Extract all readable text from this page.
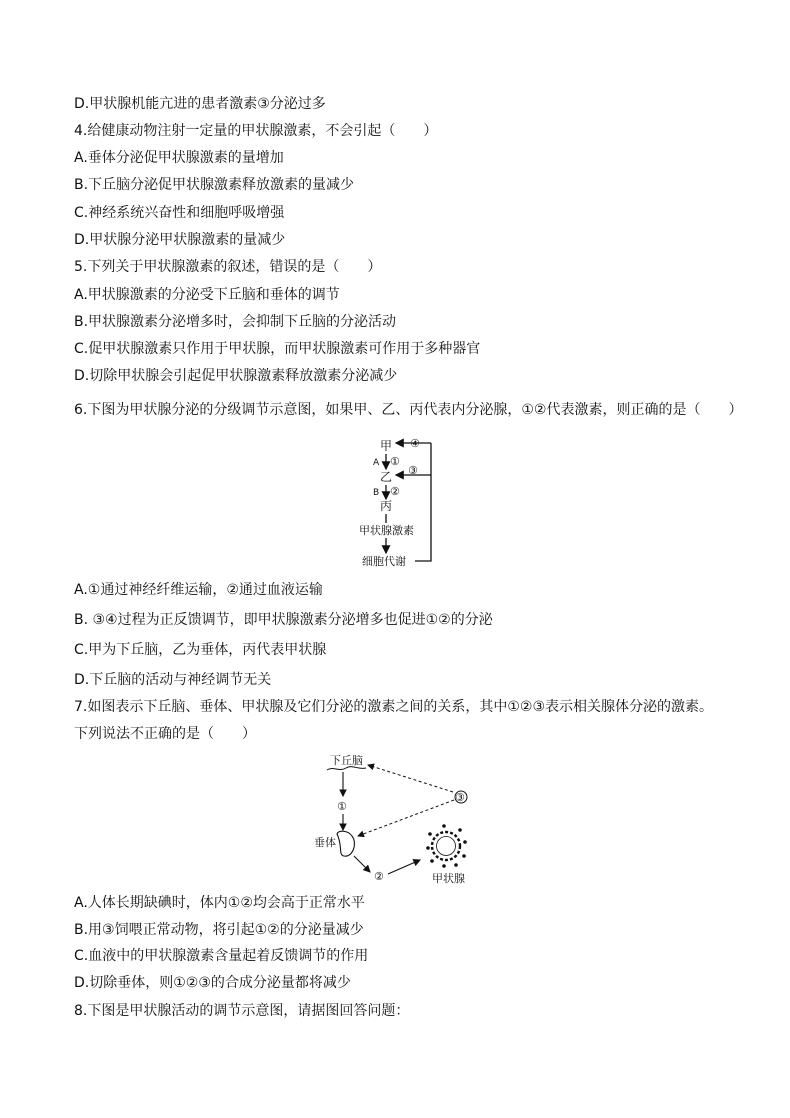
D.甲状腺机能亢进的患者激素③分泌过多
4.给健康动物注射一定量的甲状腺激素，不会引起（　　）
A.垂体分泌促甲状腺激素的量增加
B.下丘脑分泌促甲状腺激素释放激素的量减少
C.神经系统兴奋性和细胞呼吸增强
D.甲状腺分泌甲状腺激素的量减少
5.下列关于甲状腺激素的叙述，错误的是（　　）
A.甲状腺激素的分泌受下丘脑和垂体的调节
B.甲状腺激素分泌增多时，会抑制下丘脑的分泌活动
C.促甲状腺激素只作用于甲状腺，而甲状腺激素可作用于多种器官
D.切除甲状腺会引起促甲状腺激素释放激素分泌减少
6.下图为甲状腺分泌的分级调节示意图，如果甲、乙、丙代表内分泌腺，①②代表激素，则正确的是（　　）
A.①通过神经纤维运输，②通过血液运输
B. ③④过程为正反馈调节，即甲状腺激素分泌增多也促进①②的分泌
C.甲为下丘脑，乙为垂体，丙代表甲状腺
D.下丘脑的活动与神经调节无关
7.如图表示下丘脑、垂体、甲状腺及它们分泌的激素之间的关系，其中①②③表示相关腺体分泌的激素。
下列说法不正确的是（　　）
A.人体长期缺碘时，体内①②均会高于正常水平
B.用③饲喂正常动物，将引起①②的分泌量减少
C.血液中的甲状腺激素含量起着反馈调节的作用
D.切除垂体，则①②③的合成分泌量都将减少
8.下图是甲状腺活动的调节示意图，请据图回答问题：
甲
乙
丙
甲状腺激素
细胞代谢
A
B
①
②
③
④
下丘脑
垂体
甲状腺
③
①
②
